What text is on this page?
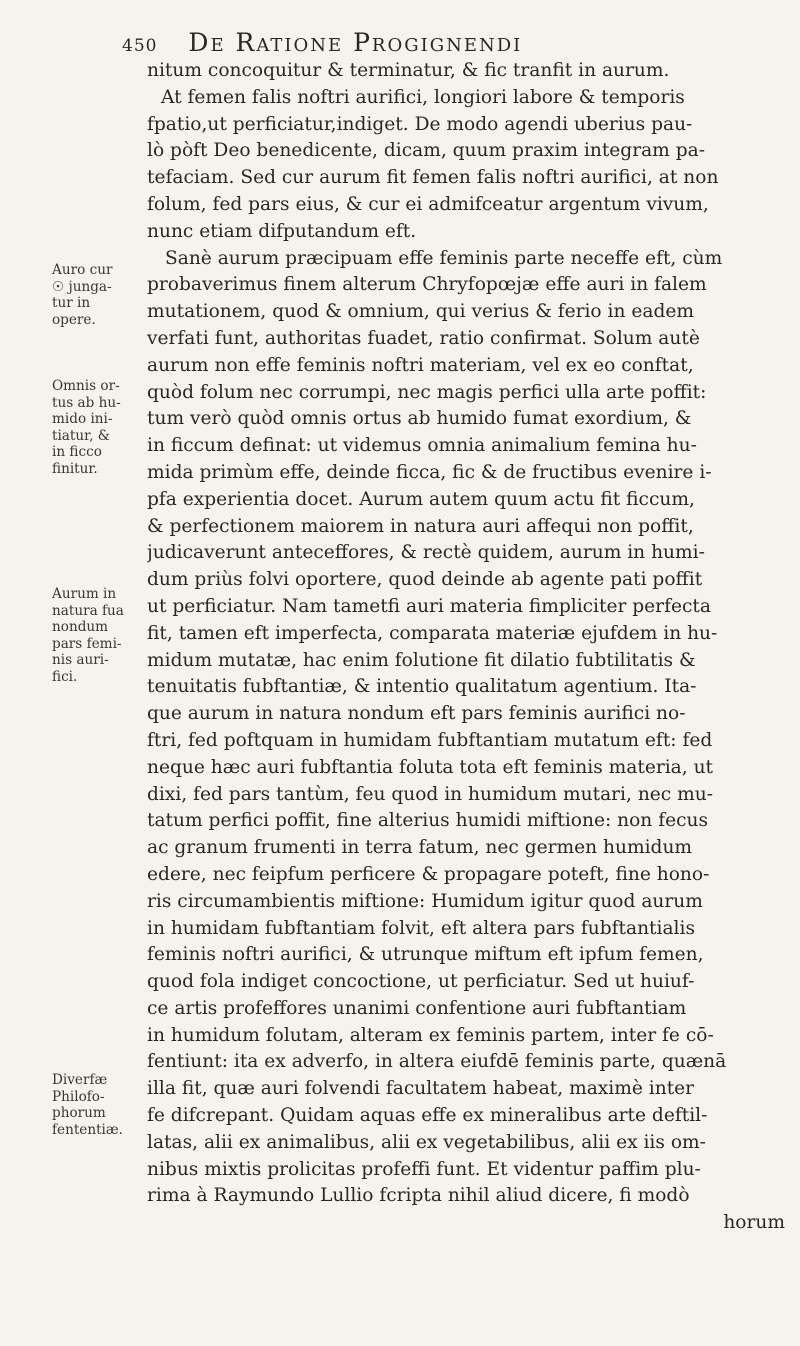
450 De Ratione Progignendi
nitum concoquitur & terminatur, & fic tranfit in aurum.
At femen falis noftri aurifici, longiori labore & temporis
fpatio,ut perficiatur,indiget. De modo agendi uberius pau-
lò pòft Deo benedicente, dicam, quum praxim integram pa-
tefaciam. Sed cur aurum fit femen falis noftri aurifici, at non
folum, fed pars eius, & cur ei admifceatur argentum vivum,
nunc etiam difputandum eft.
Sanè aurum præcipuam effe feminis parte neceffe eft, cùm
probaverimus finem alterum Chryfopœjæ effe auri in falem
mutationem, quod & omnium, qui verius & ferio in eadem
verfati funt, authoritas fuadet, ratio confirmat. Solum autè
aurum non effe feminis noftri materiam, vel ex eo conftat,
quòd folum nec corrumpi, nec magis perfici ulla arte poffit:
tum verò quòd omnis ortus ab humido fumat exordium, &
in ficcum definat: ut videmus omnia animalium femina hu-
mida primùm effe, deinde ficca, fic & de fructibus evenire i-
pfa experientia docet. Aurum autem quum actu fit ficcum,
& perfectionem maiorem in natura auri affequi non poffit,
judicaverunt anteceffores, & rectè quidem, aurum in humi-
dum priùs folvi oportere, quod deinde ab agente pati poffit
ut perficiatur. Nam tametfi auri materia fimpliciter perfecta
fit, tamen eft imperfecta, comparata materiæ ejufdem in hu-
midum mutatæ, hac enim folutione fit dilatio fubtilitatis &
tenuitatis fubftantiæ, & intentio qualitatum agentium. Ita-
que aurum in natura nondum eft pars feminis aurifici no-
ftri, fed poftquam in humidam fubftantiam mutatum eft: fed
neque hæc auri fubftantia foluta tota eft feminis materia, ut
dixi, fed pars tantùm, feu quod in humidum mutari, nec mu-
tatum perfici poffit, fine alterius humidi miftione: non fecus
ac granum frumenti in terra fatum, nec germen humidum
edere, nec feipfum perficere & propagare poteft, fine hono-
ris circumambientis miftione: Humidum igitur quod aurum
in humidam fubftantiam folvit, eft altera pars fubftantialis
feminis noftri aurifici, & utrunque miftum eft ipfum femen,
quod fola indiget concoctione, ut perficiatur. Sed ut huiuf-
ce artis profeffores unanimi confentione auri fubftantiam
in humidum folutam, alteram ex feminis partem, inter fe cō-
fentiunt: ita ex adverfo, in altera eiufdē feminis parte, quænā
illa fit, quæ auri folvendi facultatem habeat, maximè inter
fe difcrepant. Quidam aquas effe ex mineralibus arte deftil-
latas, alii ex animalibus, alii ex vegetabilibus, alii ex iis om-
nibus mixtis prolicitas profeffi funt. Et videntur paffim plu-
rima à Raymundo Lullio fcripta nihil aliud dicere, fi modò
horum
Auro cur
☉ junga-
tur in
opere.
Omnis or-
tus ab hu-
mido ini-
tiatur, &
in ficco
finitur.
Aurum in
natura fua
nondum
pars femi-
nis auri-
fici.
Diverfæ
Philofo-
phorum
fententiæ.
